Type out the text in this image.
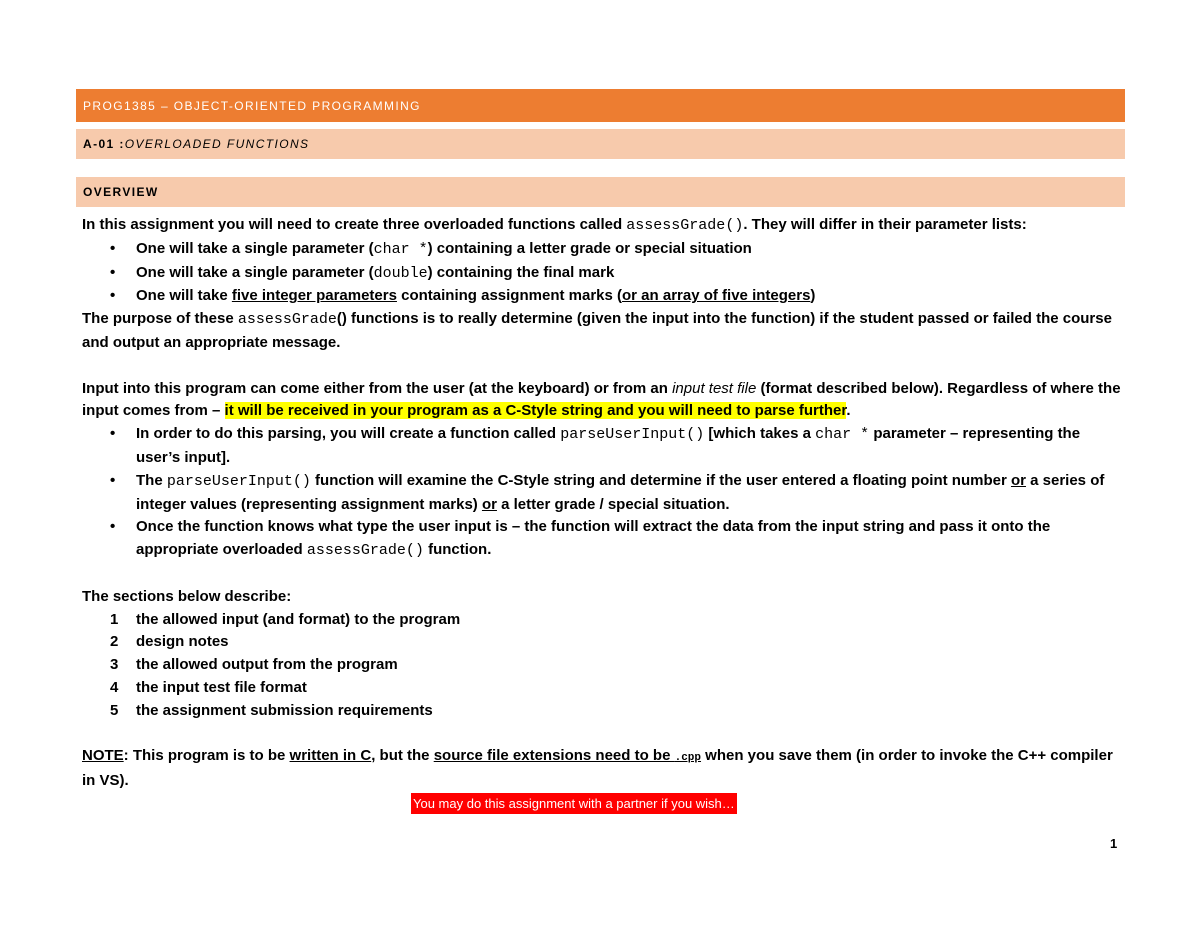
PROG1385 – OBJECT-ORIENTED PROGRAMMING
A-01 : OVERLOADED FUNCTIONS
OVERVIEW

In this assignment you will need to create three overloaded functions called assessGrade(). They will differ in their parameter lists:

• One will take a single parameter (char *) containing a letter grade or special situation
• One will take a single parameter (double) containing the final mark
• One will take five integer parameters containing assignment marks (or an array of five integers)

The purpose of these assessGrade() functions is to really determine (given the input into the function) if the student passed or failed the course and output an appropriate message.

Input into this program can come either from the user (at the keyboard) or from an input test file (format described below). Regardless of where the input comes from – it will be received in your program as a C-Style string and you will need to parse further.

• In order to do this parsing, you will create a function called parseUserInput() [which takes a char * parameter – representing the user’s input].
• The parseUserInput() function will examine the C-Style string and determine if the user entered a floating point number or a series of integer values (representing assignment marks) or a letter grade / special situation.
• Once the function knows what type the user input is – the function will extract the data from the input string and pass it onto the appropriate overloaded assessGrade() function.

The sections below describe:

1 the allowed input (and format) to the program
2 design notes
3 the allowed output from the program
4 the input test file format
5 the assignment submission requirements

NOTE: This program is to be written in C, but the source file extensions need to be .cpp when you save them (in order to invoke the C++ compiler in VS).

You may do this assignment with a partner if you wish…
1
